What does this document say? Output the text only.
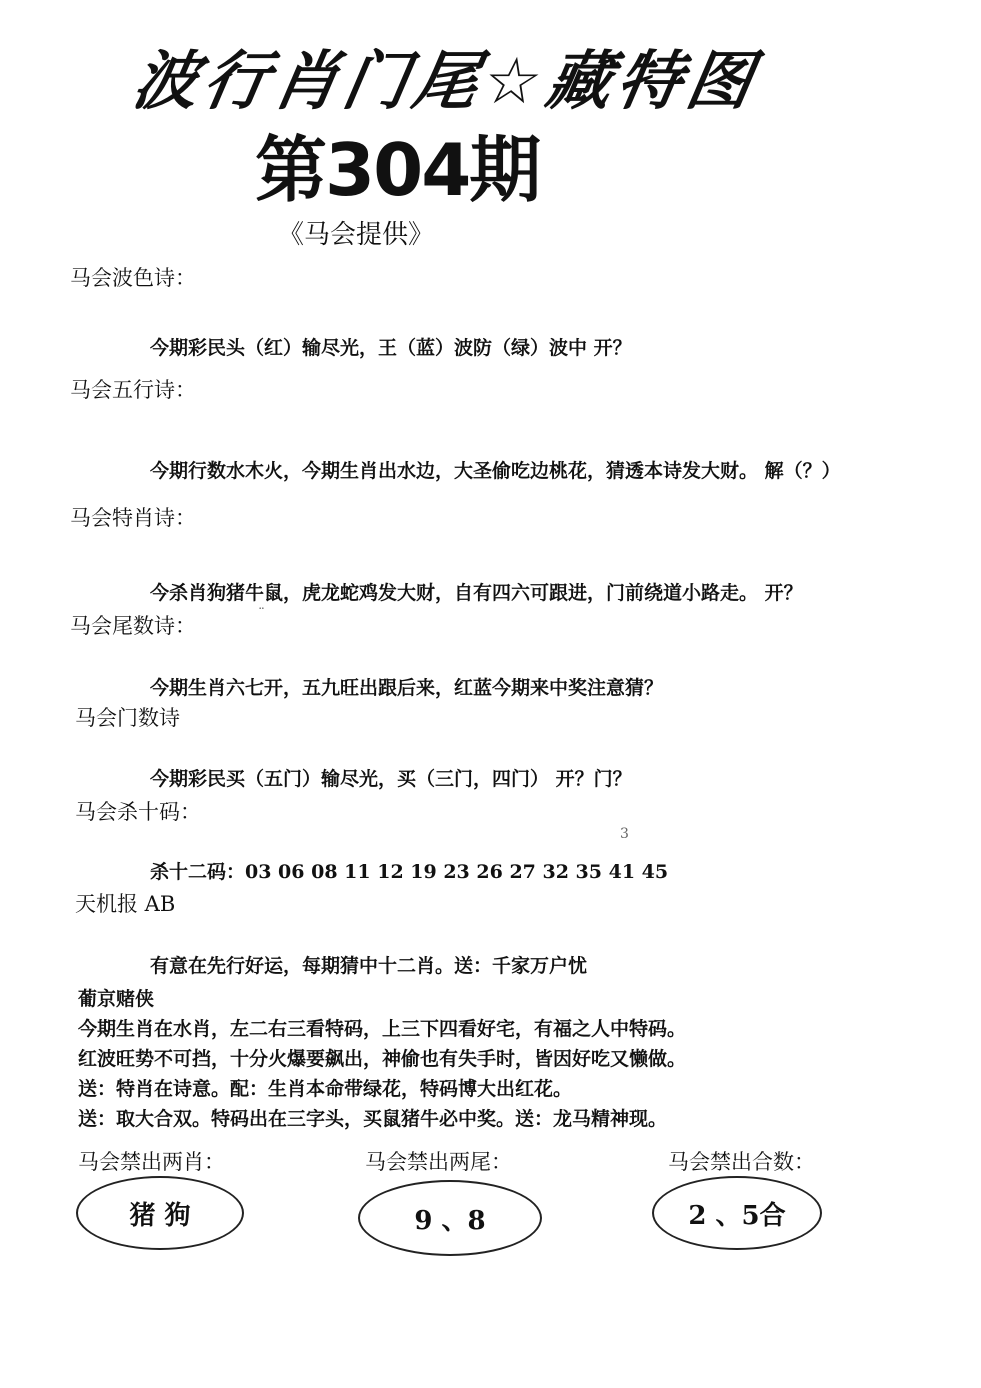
波行肖门尾☆藏特图
第304期
《马会提供》
马会波色诗：
今期彩民头（红）输尽光，王（蓝）波防（绿）波中 开？
马会五行诗：
今期行数水木火，今期生肖出水边，大圣偷吃边桃花，猜透本诗发大财。 解（？）
马会特肖诗：
今杀肖狗猪牛鼠，虎龙蛇鸡发大财，自有四六可跟进，门前绕道小路走。 开？
马会尾数诗：	¨
今期生肖六七开，五九旺出跟后来，红蓝今期来中奖注意猜？
马会门数诗
今期彩民买（五门）输尽光，买（三门，四门） 开？门？
马会杀十码：
3
杀十二码：03 06 08 11 12 19 23 26 27 32 35 41 45
天机报 AB
有意在先行好运，每期猜中十二肖。送：千家万户忧
葡京赌侠
今期生肖在水肖，左二右三看特码，上三下四看好宅，有福之人中特码。
红波旺势不可挡，十分火爆要飙出，神偷也有失手时，皆因好吃又懒做。
送：特肖在诗意。配：生肖本命带绿花，特码博大出红花。
送：取大合双。特码出在三字头，买鼠猪牛必中奖。送：龙马精神现。
马会禁出两肖：
猪 狗
马会禁出两尾：
9 、8
马会禁出合数：
2 、5合
